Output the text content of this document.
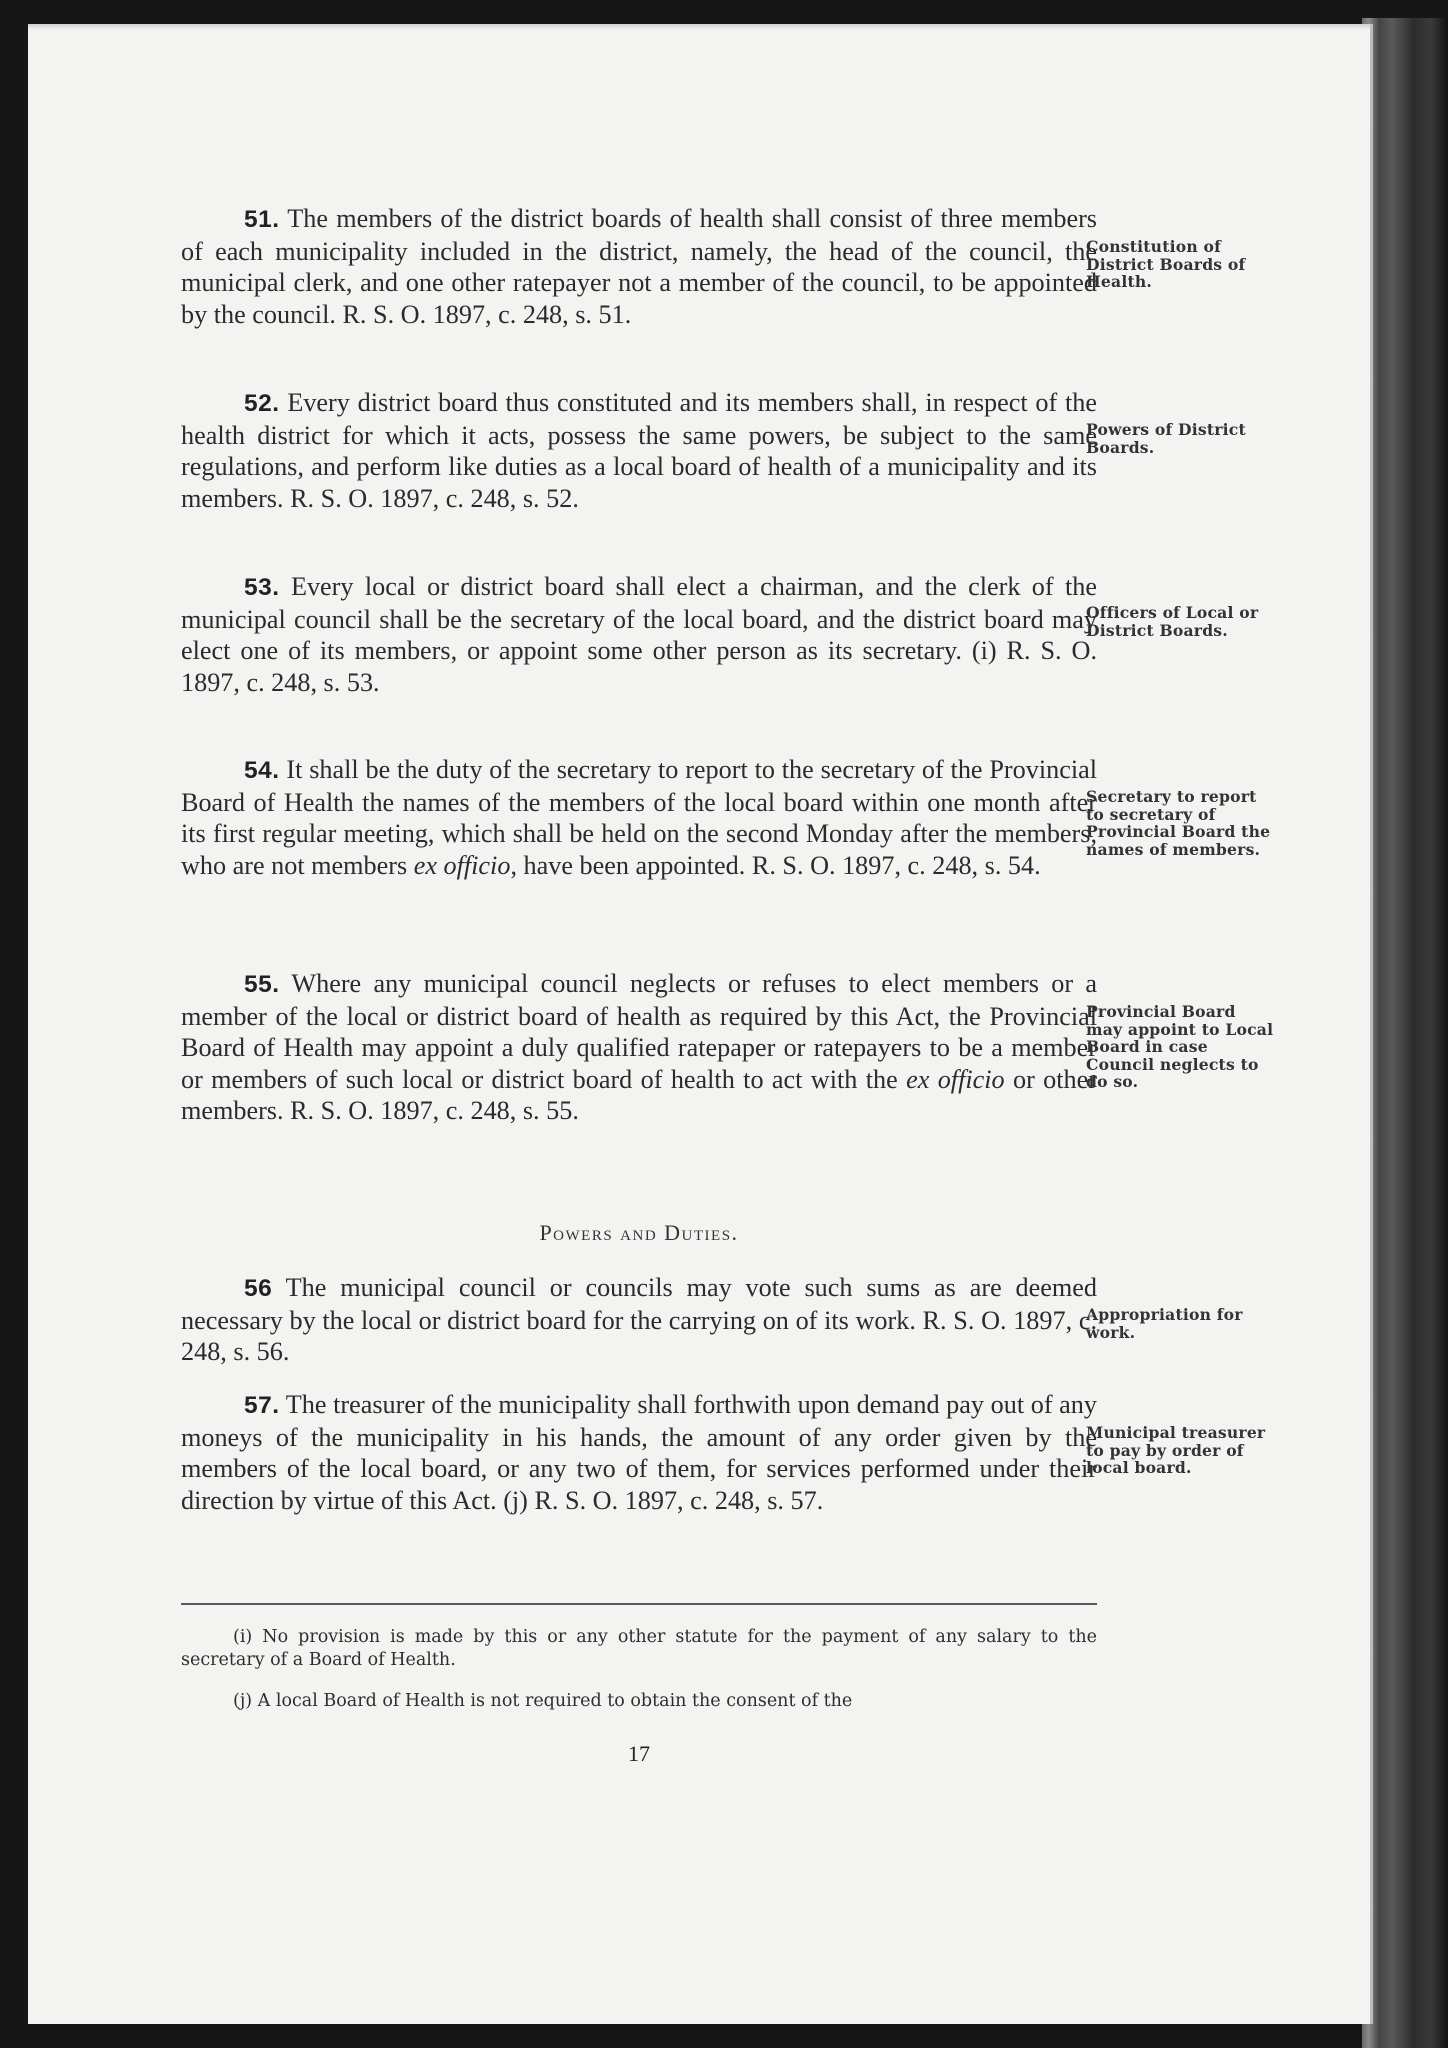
51. The members of the district boards of health shall consist of three members of each municipality included in the district, namely, the head of the council, the municipal clerk, and one other ratepayer not a member of the council, to be appointed by the council. R. S. O. 1897, c. 248, s. 51.

52. Every district board thus constituted and its members shall, in respect of the health district for which it acts, possess the same powers, be subject to the same regulations, and perform like duties as a local board of health of a municipality and its members. R. S. O. 1897, c. 248, s. 52.

53. Every local or district board shall elect a chairman, and the clerk of the municipal council shall be the secretary of the local board, and the district board may elect one of its members, or appoint some other person as its secretary. (i) R. S. O. 1897, c. 248, s. 53.

54. It shall be the duty of the secretary to report to the secretary of the Provincial Board of Health the names of the members of the local board within one month after its first regular meeting, which shall be held on the second Monday after the members, who are not members ex officio, have been appointed. R. S. O. 1897, c. 248, s. 54.

55. Where any municipal council neglects or refuses to elect members or a member of the local or district board of health as required by this Act, the Provincial Board of Health may appoint a duly qualified ratepaper or ratepayers to be a member or members of such local or district board of health to act with the ex officio or other members. R. S. O. 1897, c. 248, s. 55.

56 The municipal council or councils may vote such sums as are deemed necessary by the local or district board for the carrying on of its work. R. S. O. 1897, c. 248, s. 56.

57. The treasurer of the municipality shall forthwith upon demand pay out of any moneys of the municipality in his hands, the amount of any order given by the members of the local board, or any two of them, for services performed under their direction by virtue of this Act. (j) R. S. O. 1897, c. 248, s. 57.

Constitution of District Boards of Health.
Powers of District Boards.
Officers of Local or District Boards.
Secretary to report to secretary of Provincial Board the names of members.
Provincial Board may appoint to Local Board in case Council neglects to do so.
Appropriation for work.
Municipal treasurer to pay by order of local board.
Powers and Duties.

(i) No provision is made by this or any other statute for the payment of any salary to the secretary of a Board of Health.

(j) A local Board of Health is not required to obtain the consent of the

17
